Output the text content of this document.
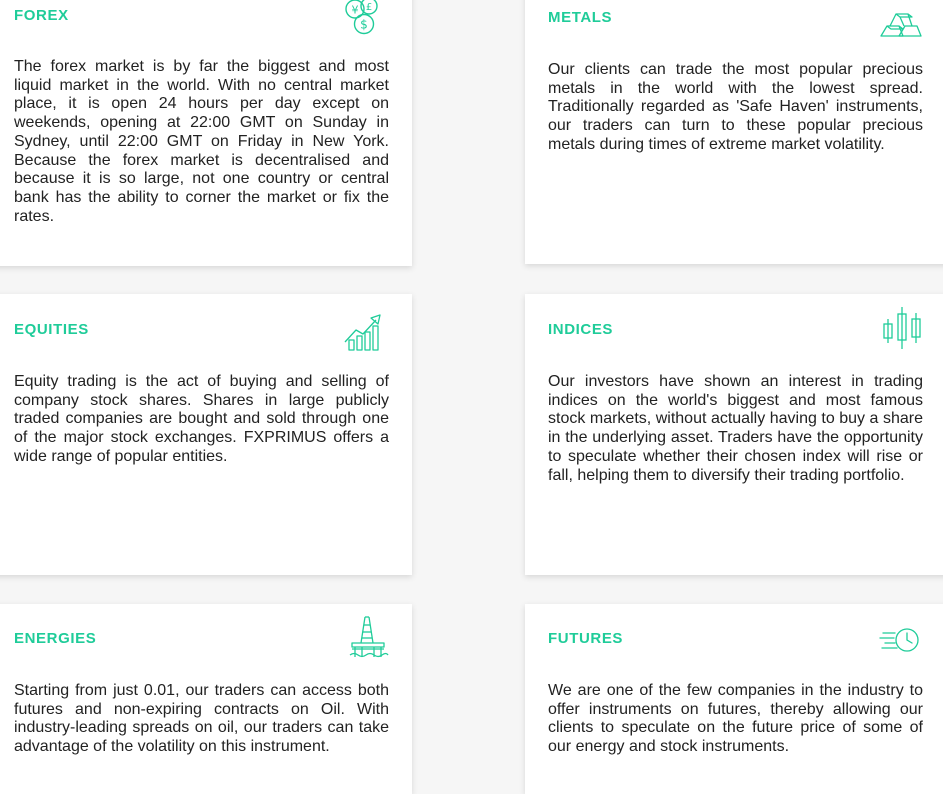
FOREX	¥ £
$

The forex market is by far the biggest and most liquid market in the world. With no central market place, it is open 24 hours per day except on weekends, opening at 22:00 GMT on Sunday in Sydney, until 22:00 GMT on Friday in New York. Because the forex market is decentralised and because it is so large, not one country or central bank has the ability to corner the market or fix the rates.

METALS

Our clients can trade the most popular precious metals in the world with the lowest spread. Traditionally regarded as 'Safe Haven' instruments, our traders can turn to these popular precious metals during times of extreme market volatility.

EQUITIES

Equity trading is the act of buying and selling of company stock shares. Shares in large publicly traded companies are bought and sold through one of the major stock exchanges. FXPRIMUS offers a wide range of popular entities.

INDICES

Our investors have shown an interest in trading indices on the world's biggest and most famous stock markets, without actually having to buy a share in the underlying asset. Traders have the opportunity to speculate whether their chosen index will rise or fall, helping them to diversify their trading portfolio.

ENERGIES

Starting from just 0.01, our traders can access both futures and non-expiring contracts on Oil. With industry-leading spreads on oil, our traders can take advantage of the volatility on this instrument.

FUTURES

We are one of the few companies in the industry to offer instruments on futures, thereby allowing our clients to speculate on the future price of some of our energy and stock instruments.
